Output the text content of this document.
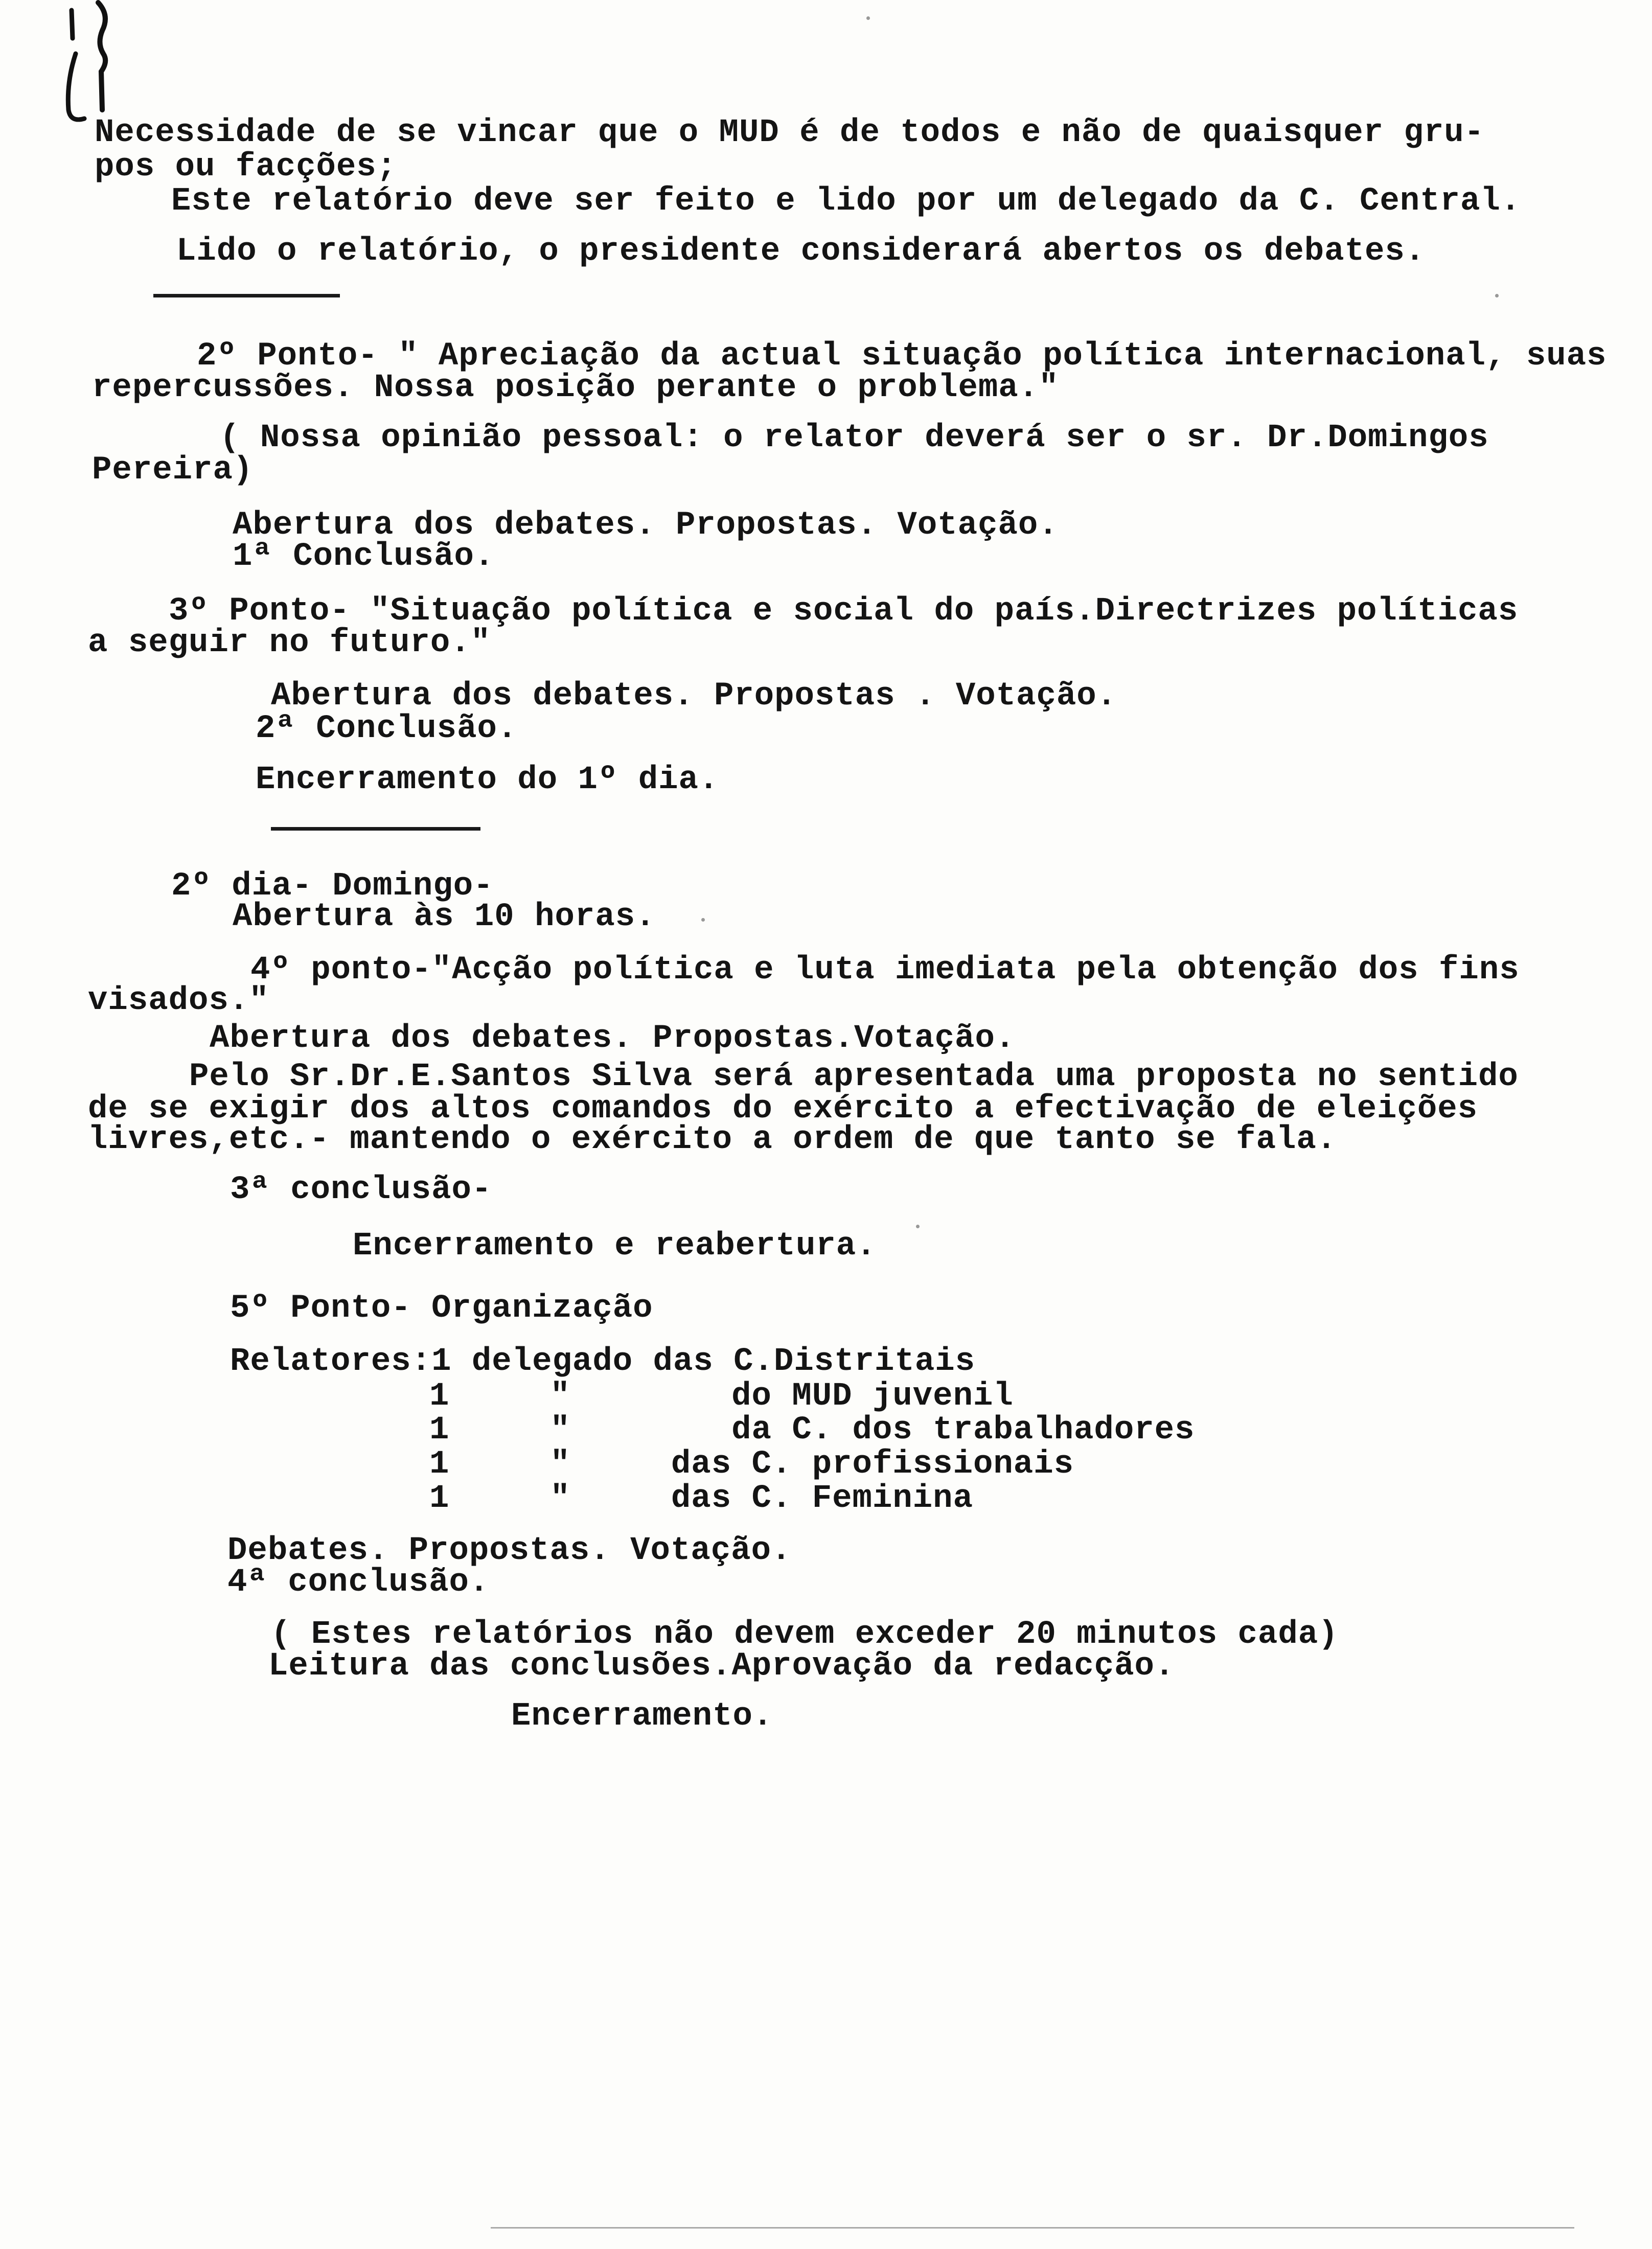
Necessidade de se vincar que o MUD é de todos e não de quaisquer gru-
pos ou facções;
Este relatório deve ser feito e lido por um delegado da C. Central.
Lido o relatório, o presidente considerará abertos os debates.
2º Ponto- " Apreciação da actual situação política internacional, suas
repercussões. Nossa posição perante o problema."
( Nossa opinião pessoal: o relator deverá ser o sr. Dr.Domingos
Pereira)
Abertura dos debates. Propostas. Votação.
1ª Conclusão.
3º Ponto- "Situação política e social do país.Directrizes políticas
a seguir no futuro."
Abertura dos debates. Propostas . Votação.
2ª Conclusão.
Encerramento do 1º dia.
2º dia- Domingo-
Abertura às 10 horas.
4º ponto-"Acção política e luta imediata pela obtenção dos fins
visados."
Abertura dos debates. Propostas.Votação.
Pelo Sr.Dr.E.Santos Silva será apresentada uma proposta no sentido
de se exigir dos altos comandos do exército a efectivação de eleições
livres,etc.- mantendo o exército a ordem de que tanto se fala.
3ª conclusão-
Encerramento e reabertura.
5º Ponto- Organização
Relatores:1 delegado das C.Distritais
1     "        do MUD juvenil
1     "        da C. dos trabalhadores
1     "     das C. profissionais
1     "     das C. Feminina
Debates. Propostas. Votação.
4ª conclusão.
( Estes relatórios não devem exceder 20 minutos cada)
Leitura das conclusões.Aprovação da redacção.
Encerramento.
